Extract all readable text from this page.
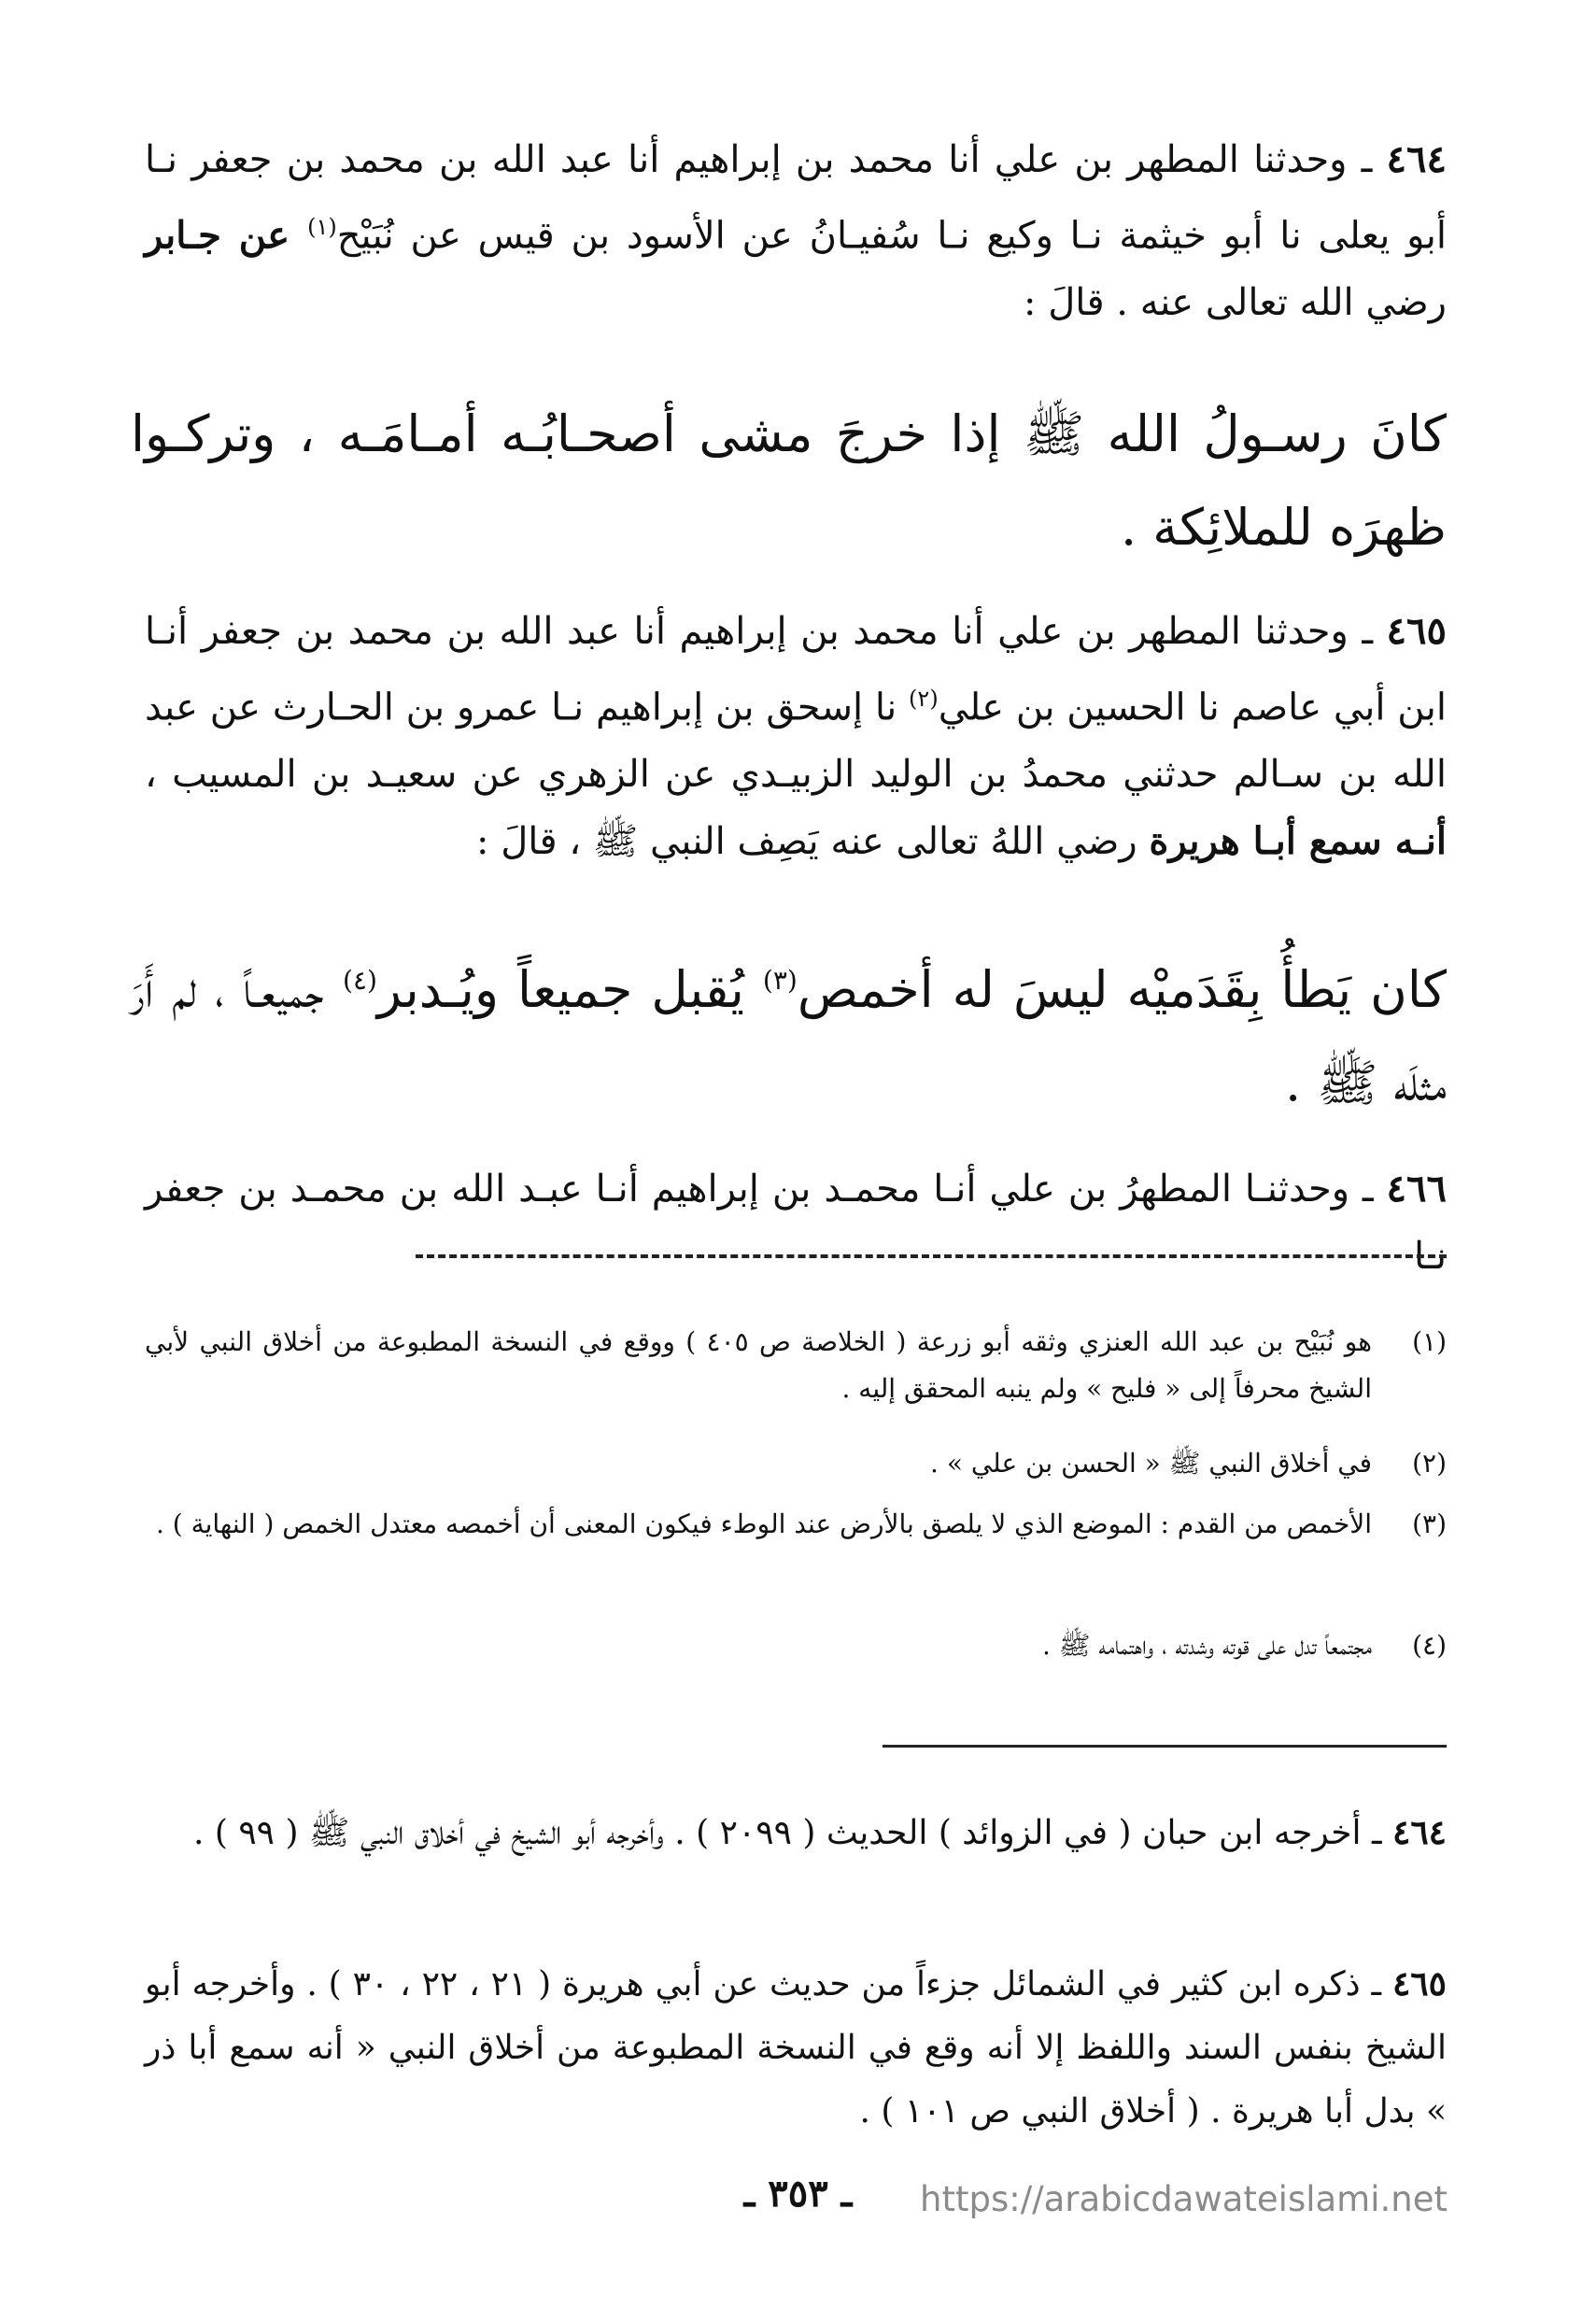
٤٦٤ ـ وحدثنا المطهر بن علي أنا محمد بن إبراهيم أنا عبد الله بن محمد بن جعفر نـا أبو يعلى نا أبو خيثمة نـا وكيع نـا سُفيـانُ عن الأسود بن قيس عن نُبَيْح$^{(١)}$ عن جـابر رضي الله تعالى عنه . قالَ :
كانَ رسـولُ الله ﷺ إذا خرجَ مشى أصحـابُـه أمـامَـه ، وتركـوا ظهرَه للملائِكة .
٤٦٥ ـ وحدثنا المطهر بن علي أنا محمد بن إبراهيم أنا عبد الله بن محمد بن جعفر أنـا ابن أبي عاصم نا الحسين بن علي$^{(٢)}$ نا إسحق بن إبراهيم نـا عمرو بن الحـارث عن عبد الله بن سـالم حدثني محمدُ بن الوليد الزبيـدي عن الزهري عن سعيـد بن المسيب ، أنـه سمع أبـا هريرة رضي اللهُ تعالى عنه يَصِف النبي ﷺ ، قالَ :
كان يَطأُ بِقَدَميْه ليسَ له أخمص$^{(٣)}$ يُقبل جميعاً ويُـدبر$^{(٤)}$ جميعـاً ، لم أَرَ مثلَه ﷺ .
٤٦٦ ـ وحدثنـا المطهرُ بن علي أنـا محمـد بن إبراهيم أنـا عبـد الله بن محمـد بن جعفر نـا
(١)
هو نُبَيْح بن عبد الله العنزي وثقه أبو زرعة ( الخلاصة ص ٤٠٥ ) ووقع في النسخة المطبوعة من أخلاق النبي لأبي الشيخ محرفاً إلى « فليح » ولم ينبه المحقق إليه .
(٢)
في أخلاق النبي ﷺ « الحسن بن علي » .
(٣)
الأخمص من القدم : الموضع الذي لا يلصق بالأرض عند الوطء فيكون المعنى أن أخمصه معتدل الخمص ( النهاية ) .
(٤)
مجتمعاً تدل على قوته وشدته ، واهتمامه ﷺ .
٤٦٤ ـ أخرجه ابن حبان ( في الزوائد ) الحديث ( ٢٠٩٩ ) . وأخرجه أبو الشيخ في أخلاق النبي ﷺ ( ٩٩ ) .
٤٦٥ ـ ذكره ابن كثير في الشمائل جزءاً من حديث عن أبي هريرة ( ٢١ ، ٢٢ ، ٣٠ ) . وأخرجه أبو الشيخ بنفس السند واللفظ إلا أنه وقع في النسخة المطبوعة من أخلاق النبي « أنه سمع أبا ذر » بدل أبا هريرة . ( أخلاق النبي ص ١٠١ ) .
ـ ٣٥٣ ـ	https://arabicdawateislami.net
